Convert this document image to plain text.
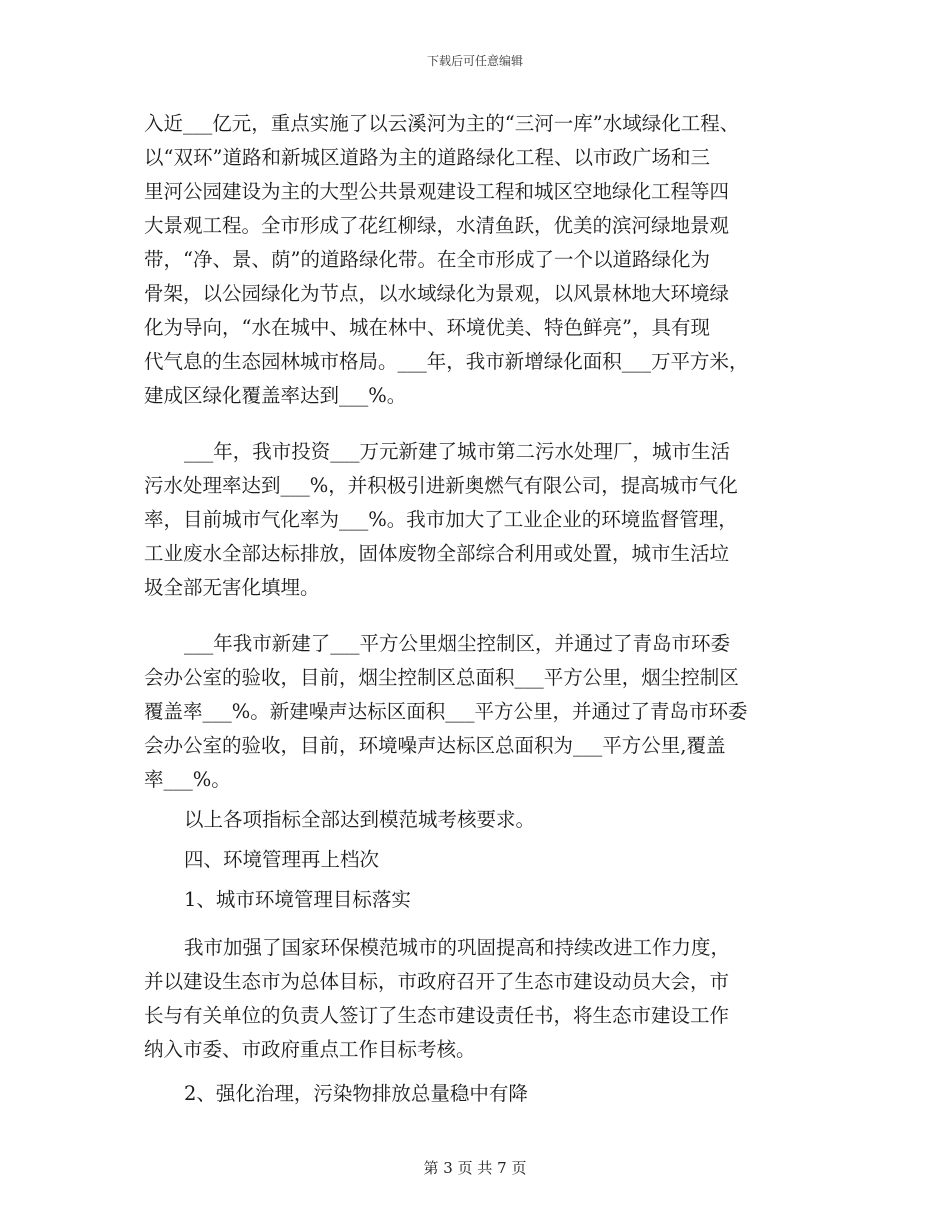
下载后可任意编辑
入近___亿元，重点实施了以云溪河为主的“三河一库”水域绿化工程、
以“双环”道路和新城区道路为主的道路绿化工程、以市政广场和三
里河公园建设为主的大型公共景观建设工程和城区空地绿化工程等四
大景观工程。全市形成了花红柳绿，水清鱼跃，优美的滨河绿地景观
带，“净、景、荫”的道路绿化带。在全市形成了一个以道路绿化为
骨架，以公园绿化为节点，以水域绿化为景观，以风景林地大环境绿
化为导向，“水在城中、城在林中、环境优美、特色鲜亮”，具有现
代气息的生态园林城市格局。___年，我市新增绿化面积___万平方米，
建成区绿化覆盖率达到___%。
___年，我市投资___万元新建了城市第二污水处理厂，城市生活
污水处理率达到___%，并积极引进新奥燃气有限公司，提高城市气化
率，目前城市气化率为___%。我市加大了工业企业的环境监督管理，
工业废水全部达标排放，固体废物全部综合利用或处置，城市生活垃
圾全部无害化填埋。
___年我市新建了___平方公里烟尘控制区，并通过了青岛市环委
会办公室的验收，目前，烟尘控制区总面积___平方公里，烟尘控制区
覆盖率___%。新建噪声达标区面积___平方公里，并通过了青岛市环委
会办公室的验收，目前，环境噪声达标区总面积为___平方公里,覆盖
率___%。
以上各项指标全部达到模范城考核要求。
四、环境管理再上档次
1、城市环境管理目标落实
我市加强了国家环保模范城市的巩固提高和持续改进工作力度，
并以建设生态市为总体目标，市政府召开了生态市建设动员大会，市
长与有关单位的负责人签订了生态市建设责任书，将生态市建设工作
纳入市委、市政府重点工作目标考核。
2、强化治理，污染物排放总量稳中有降
第 3 页 共 7 页
